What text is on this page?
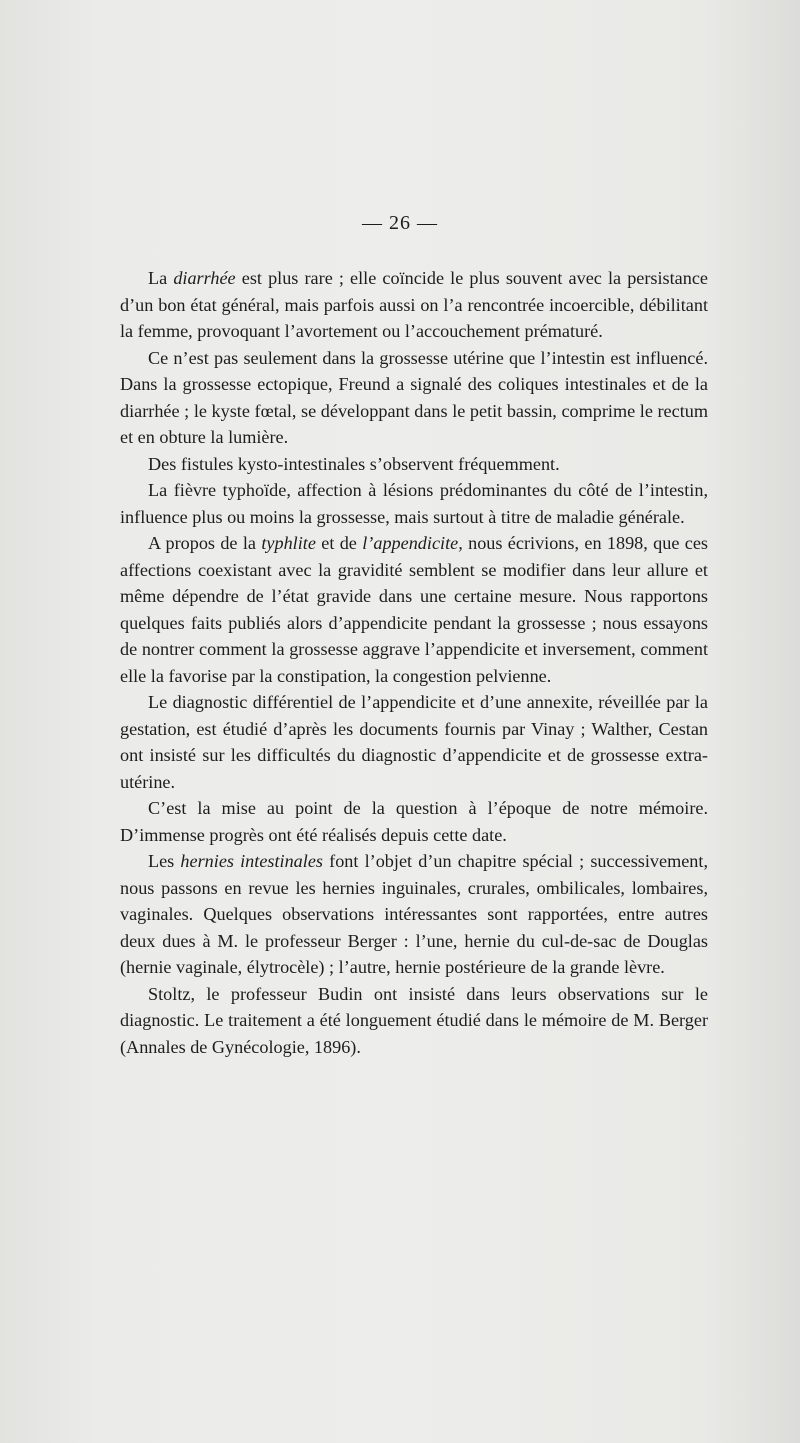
— 26 —

La diarrhée est plus rare ; elle coïncide le plus souvent avec la persistance d’un bon état général, mais parfois aussi on l’a rencontrée incoercible, débilitant la femme, provoquant l’avortement ou l’accouchement prématuré.

Ce n’est pas seulement dans la grossesse utérine que l’intestin est influencé. Dans la grossesse ectopique, Freund a signalé des coliques intestinales et de la diarrhée ; le kyste fœtal, se développant dans le petit bassin, comprime le rectum et en obture la lumière.

Des fistules kysto-intestinales s’observent fréquemment.

La fièvre typhoïde, affection à lésions prédominantes du côté de l’intestin, influence plus ou moins la grossesse, mais surtout à titre de maladie générale.

A propos de la typhlite et de l’appendicite, nous écrivions, en 1898, que ces affections coexistant avec la gravidité semblent se modifier dans leur allure et même dépendre de l’état gravide dans une certaine mesure. Nous rapportons quelques faits publiés alors d’appendicite pendant la grossesse ; nous essayons de nontrer comment la grossesse aggrave l’appendicite et inversement, comment elle la favorise par la constipation, la congestion pelvienne.

Le diagnostic différentiel de l’appendicite et d’une annexite, réveillée par la gestation, est étudié d’après les documents fournis par Vinay ; Walther, Cestan ont insisté sur les difficultés du diagnostic d’appendicite et de grossesse extra-utérine.

C’est la mise au point de la question à l’époque de notre mémoire. D’immense progrès ont été réalisés depuis cette date.

Les hernies intestinales font l’objet d’un chapitre spécial ; successivement, nous passons en revue les hernies inguinales, crurales, ombilicales, lombaires, vaginales. Quelques observations intéressantes sont rapportées, entre autres deux dues à M. le professeur Berger : l’une, hernie du cul-de-sac de Douglas (hernie vaginale, élytrocèle) ; l’autre, hernie postérieure de la grande lèvre.

Stoltz, le professeur Budin ont insisté dans leurs observations sur le diagnostic. Le traitement a été longuement étudié dans le mémoire de M. Berger (Annales de Gynécologie, 1896).
